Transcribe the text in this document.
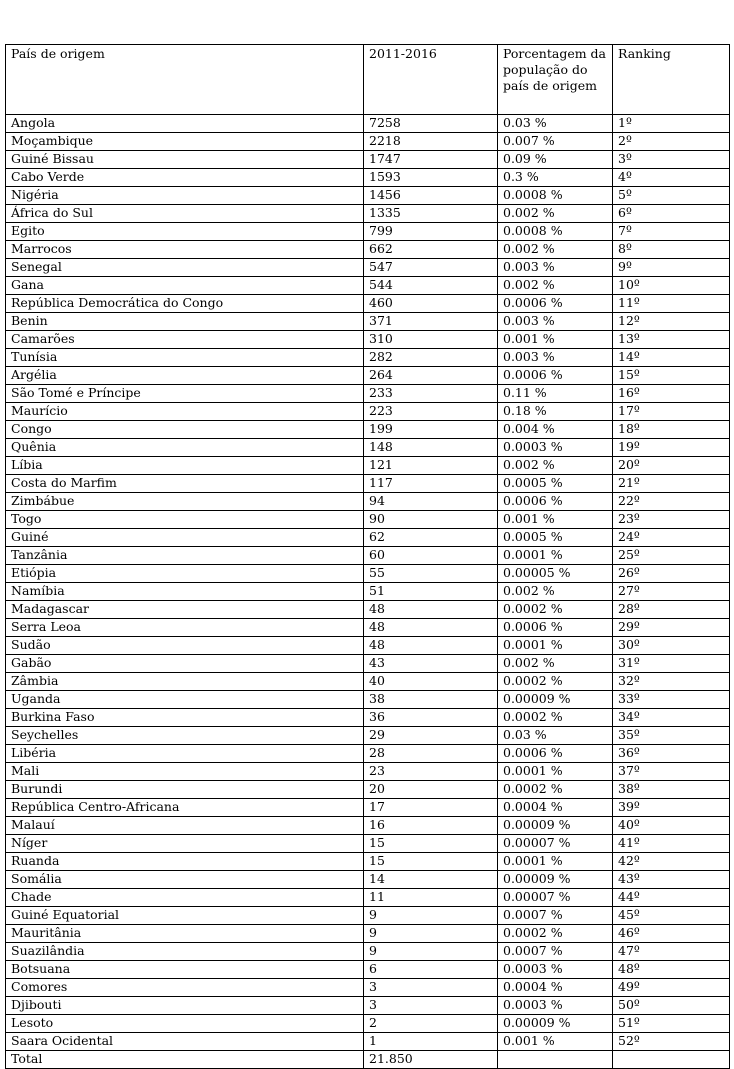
País de origem	2011-2016	Porcentagem da população do país de origem	Ranking
Angola	7258	0.03 %	1º
Moçambique	2218	0.007 %	2º
Guiné Bissau	1747	0.09 %	3º
Cabo Verde	1593	0.3 %	4º
Nigéria	1456	0.0008 %	5º
África do Sul	1335	0.002 %	6º
Egito	799	0.0008 %	7º
Marrocos	662	0.002 %	8º
Senegal	547	0.003 %	9º
Gana	544	0.002 %	10º
República Democrática do Congo	460	0.0006 %	11º
Benin	371	0.003 %	12º
Camarões	310	0.001 %	13º
Tunísia	282	0.003 %	14º
Argélia	264	0.0006 %	15º
São Tomé e Príncipe	233	0.11 %	16º
Maurício	223	0.18 %	17º
Congo	199	0.004 %	18º
Quênia	148	0.0003 %	19º
Líbia	121	0.002 %	20º
Costa do Marfim	117	0.0005 %	21º
Zimbábue	94	0.0006 %	22º
Togo	90	0.001 %	23º
Guiné	62	0.0005 %	24º
Tanzânia	60	0.0001 %	25º
Etiópia	55	0.00005 %	26º
Namíbia	51	0.002 %	27º
Madagascar	48	0.0002 %	28º
Serra Leoa	48	0.0006 %	29º
Sudão	48	0.0001 %	30º
Gabão	43	0.002 %	31º
Zâmbia	40	0.0002 %	32º
Uganda	38	0.00009 %	33º
Burkina Faso	36	0.0002 %	34º
Seychelles	29	0.03 %	35º
Libéria	28	0.0006 %	36º
Mali	23	0.0001 %	37º
Burundi	20	0.0002 %	38º
República Centro-Africana	17	0.0004 %	39º
Malauí	16	0.00009 %	40º
Níger	15	0.00007 %	41º
Ruanda	15	0.0001 %	42º
Somália	14	0.00009 %	43º
Chade	11	0.00007 %	44º
Guiné Equatorial	9	0.0007 %	45º
Mauritânia	9	0.0002 %	46º
Suazilândia	9	0.0007 %	47º
Botsuana	6	0.0003 %	48º
Comores	3	0.0004 %	49º
Djibouti	3	0.0003 %	50º
Lesoto	2	0.00009 %	51º
Saara Ocidental	1	0.001 %	52º
Total	21.850		
